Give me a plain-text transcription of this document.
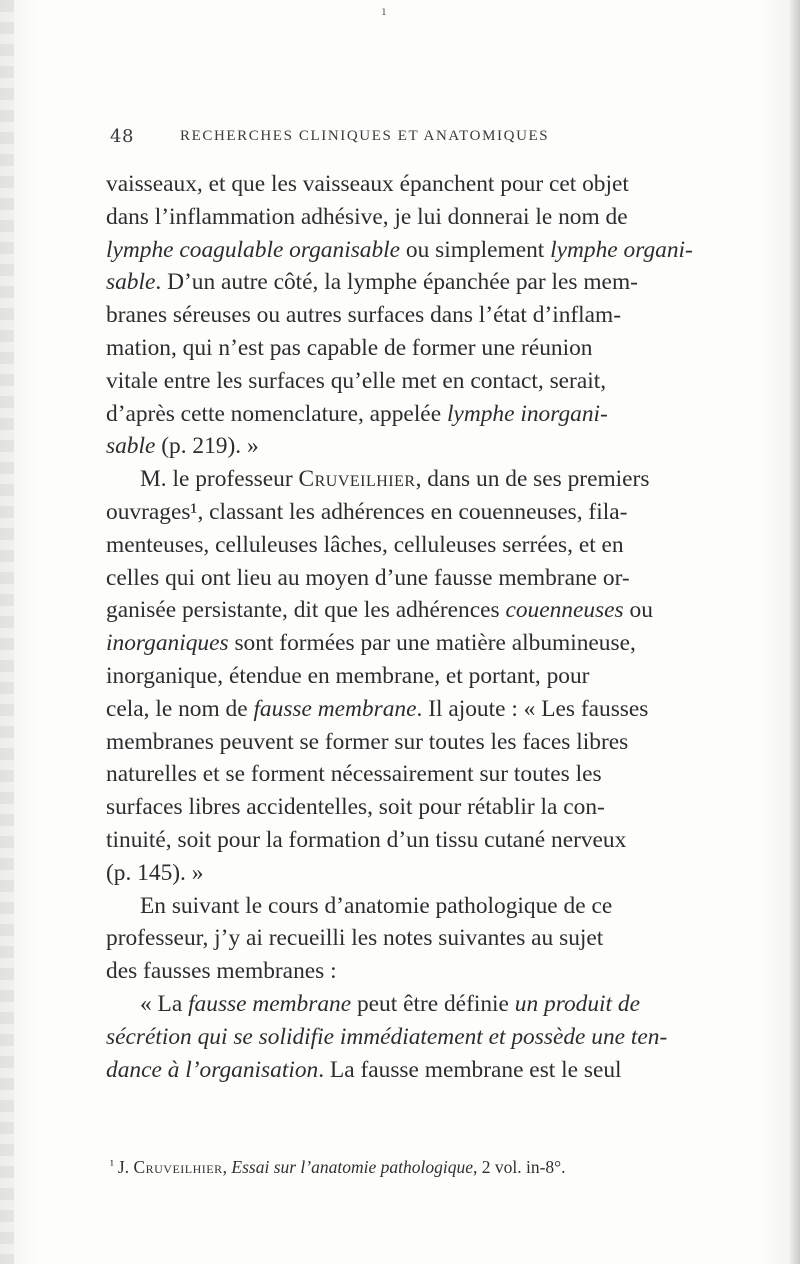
ı
48	RECHERCHES CLINIQUES ET ANATOMIQUES

vaisseaux, et que les vaisseaux épanchent pour cet objet
dans l’inflammation adhésive, je lui donnerai le nom de
lymphe coagulable organisable ou simplement lymphe organi-
sable. D’un autre côté, la lymphe épanchée par les mem-
branes séreuses ou autres surfaces dans l’état d’inflam-
mation, qui n’est pas capable de former une réunion
vitale entre les surfaces qu’elle met en contact, serait,
d’après cette nomenclature, appelée lymphe inorgani-
sable (p. 219). »

M. le professeur Cruveilhier, dans un de ses premiers
ouvrages¹, classant les adhérences en couenneuses, fila-
menteuses, celluleuses lâches, celluleuses serrées, et en
celles qui ont lieu au moyen d’une fausse membrane or-
ganisée persistante, dit que les adhérences couenneuses ou
inorganiques sont formées par une matière albumineuse,
inorganique, étendue en membrane, et portant, pour
cela, le nom de fausse membrane. Il ajoute : « Les fausses
membranes peuvent se former sur toutes les faces libres
naturelles et se forment nécessairement sur toutes les
surfaces libres accidentelles, soit pour rétablir la con-
tinuité, soit pour la formation d’un tissu cutané nerveux
(p. 145). »

En suivant le cours d’anatomie pathologique de ce
professeur, j’y ai recueilli les notes suivantes au sujet
des fausses membranes :

« La fausse membrane peut être définie un produit de
sécrétion qui se solidifie immédiatement et possède une ten-
dance à l’organisation. La fausse membrane est le seul

$^{^1}$ J. Cruveilhier, Essai sur l’anatomie pathologique, 2 vol. in-8°.
